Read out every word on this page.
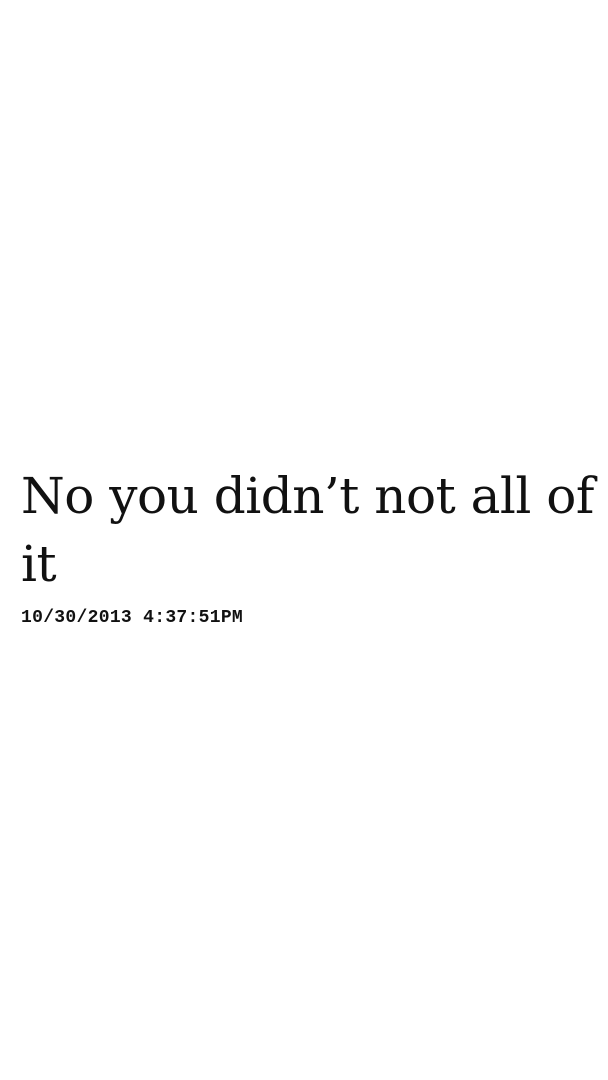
No you didn’t not all of it

10/30/2013 4:37:51PM
